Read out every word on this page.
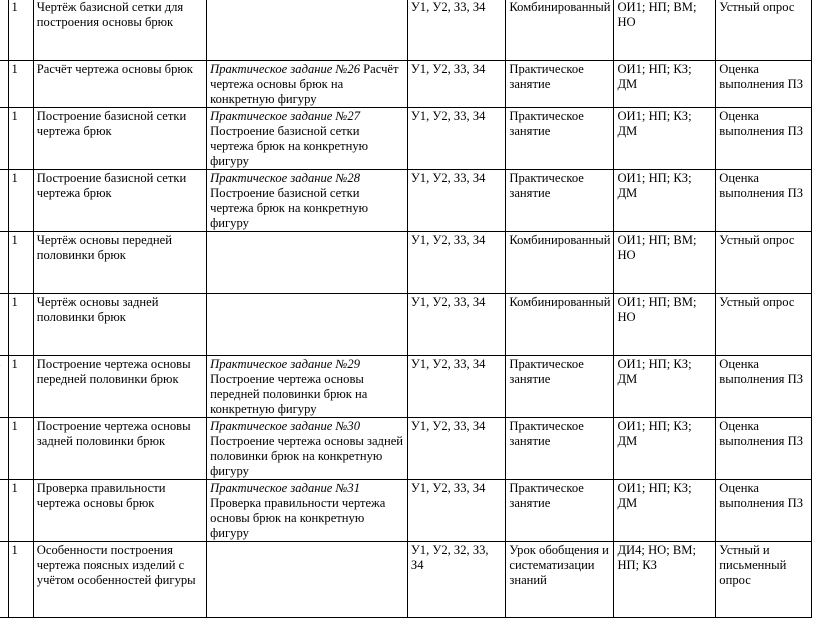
	1	Чертёж базисной сетки для построения основы брюк		У1, У2, З3, З4	Комбинированный	ОИ1; НП; ВМ; НО	Устный опрос

	1	Расчёт чертежа основы брюк	Практическое задание №26 Расчёт чертежа основы брюк на конкретную фигуру	У1, У2, З3, З4	Практическое занятие	ОИ1; НП; КЗ; ДМ	Оценка выполнения ПЗ

	1	Построение базисной сетки чертежа брюк	Практическое задание №27 Построение базисной сетки чертежа брюк на конкретную фигуру	У1, У2, З3, З4	Практическое занятие	ОИ1; НП; КЗ; ДМ	Оценка выполнения ПЗ

	1	Построение базисной сетки чертежа брюк	Практическое задание №28 Построение базисной сетки чертежа брюк на конкретную фигуру	У1, У2, З3, З4	Практическое занятие	ОИ1; НП; КЗ; ДМ	Оценка выполнения ПЗ

	1	Чертёж основы передней половинки брюк		У1, У2, З3, З4	Комбинированный	ОИ1; НП; ВМ; НО	Устный опрос

	1	Чертёж основы задней половинки брюк		У1, У2, З3, З4	Комбинированный	ОИ1; НП; ВМ; НО	Устный опрос

	1	Построение чертежа основы передней половинки брюк	Практическое задание №29 Построение чертежа основы передней половинки брюк на конкретную фигуру	У1, У2, З3, З4	Практическое занятие	ОИ1; НП; КЗ; ДМ	Оценка выполнения ПЗ

	1	Построение чертежа основы задней половинки брюк	Практическое задание №30 Построение чертежа основы задней половинки брюк на конкретную фигуру	У1, У2, З3, З4	Практическое занятие	ОИ1; НП; КЗ; ДМ	Оценка выполнения ПЗ

	1	Проверка правильности чертежа основы брюк	Практическое задание №31 Проверка правильности чертежа основы брюк на конкретную фигуру	У1, У2, З3, З4	Практическое занятие	ОИ1; НП; КЗ; ДМ	Оценка выполнения ПЗ

	1	Особенности построения чертежа поясных изделий с учётом особенностей фигуры		У1, У2, З2, З3, З4	Урок обобщения и систематизации знаний	ДИ4; НО; ВМ; НП; КЗ	Устный и письменный опрос
